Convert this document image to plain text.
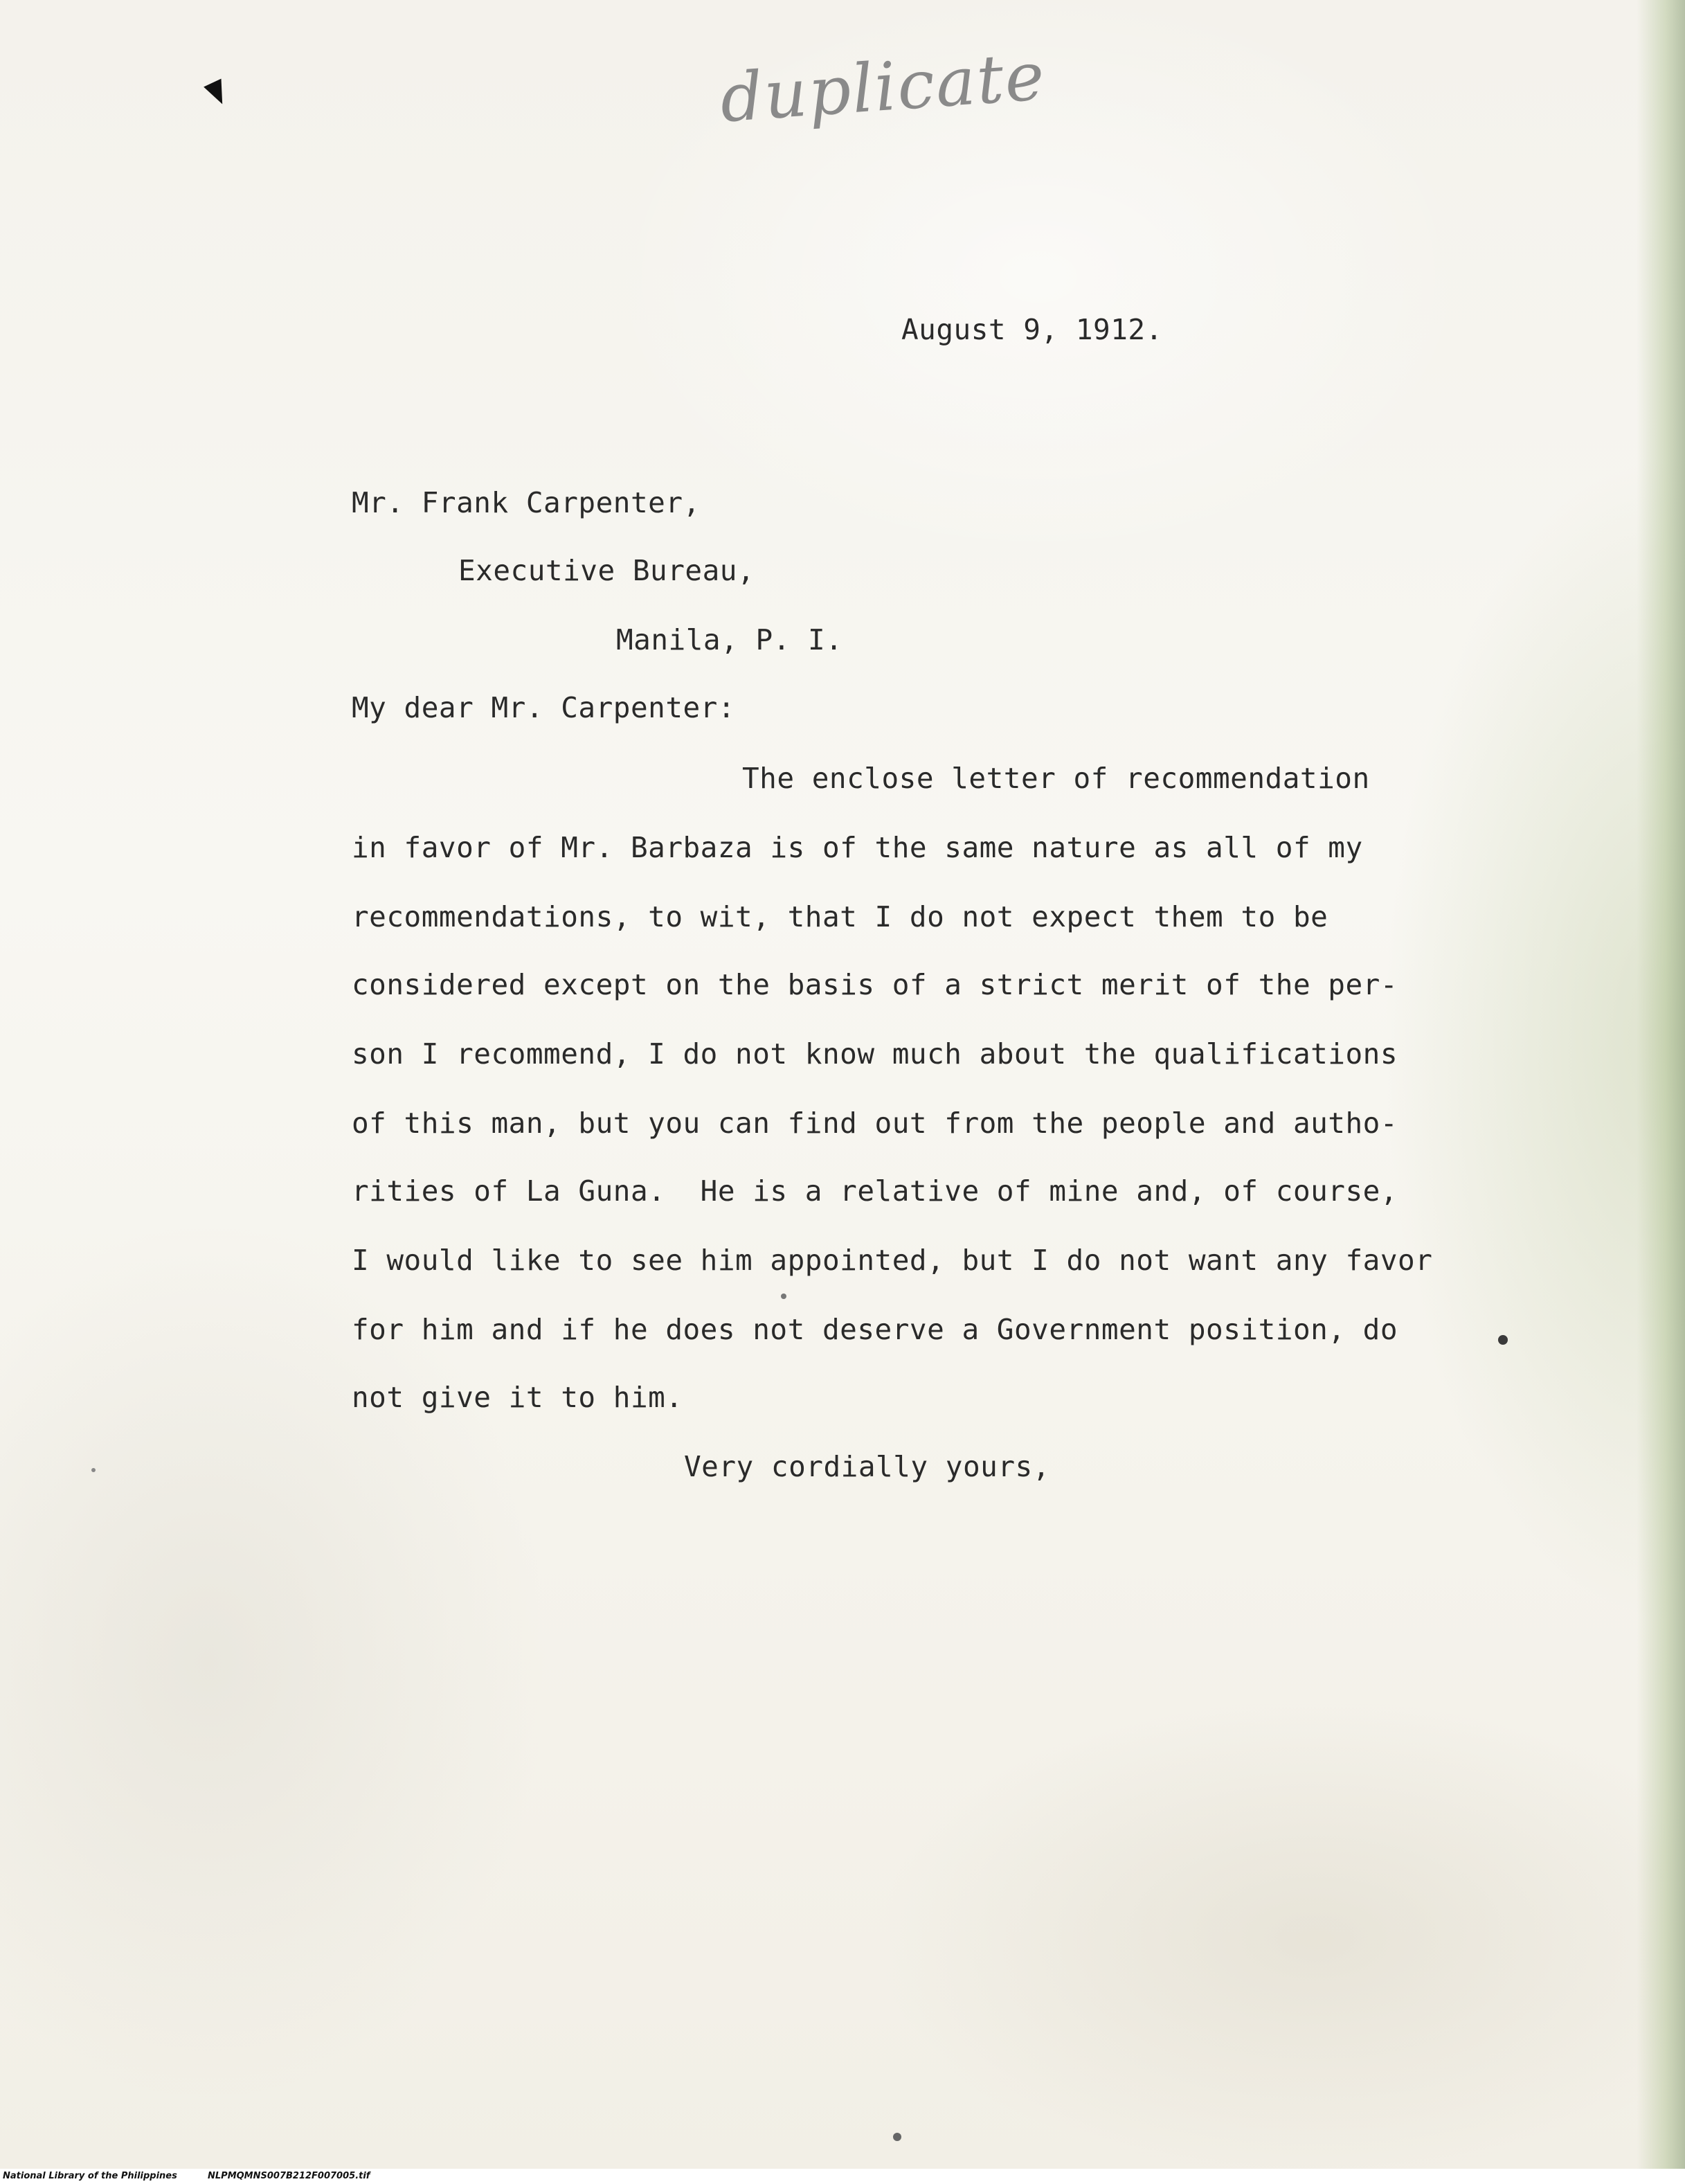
duplicate
August 9, 1912.
Mr. Frank Carpenter,
Executive Bureau,
Manila, P. I.
My dear Mr. Carpenter:
The enclose letter of recommendation
in favor of Mr. Barbaza is of the same nature as all of my
recommendations, to wit, that I do not expect them to be
considered except on the basis of a strict merit of the per-
son I recommend, I do not know much about the qualifications
of this man, but you can find out from the people and autho-
rities of La Guna.  He is a relative of mine and, of course,
I would like to see him appointed, but I do not want any favor
for him and if he does not deserve a Government position, do
not give it to him.
Very cordially yours,
National Library of the Philippines	NLPMQMNS007B212F007005.tif
